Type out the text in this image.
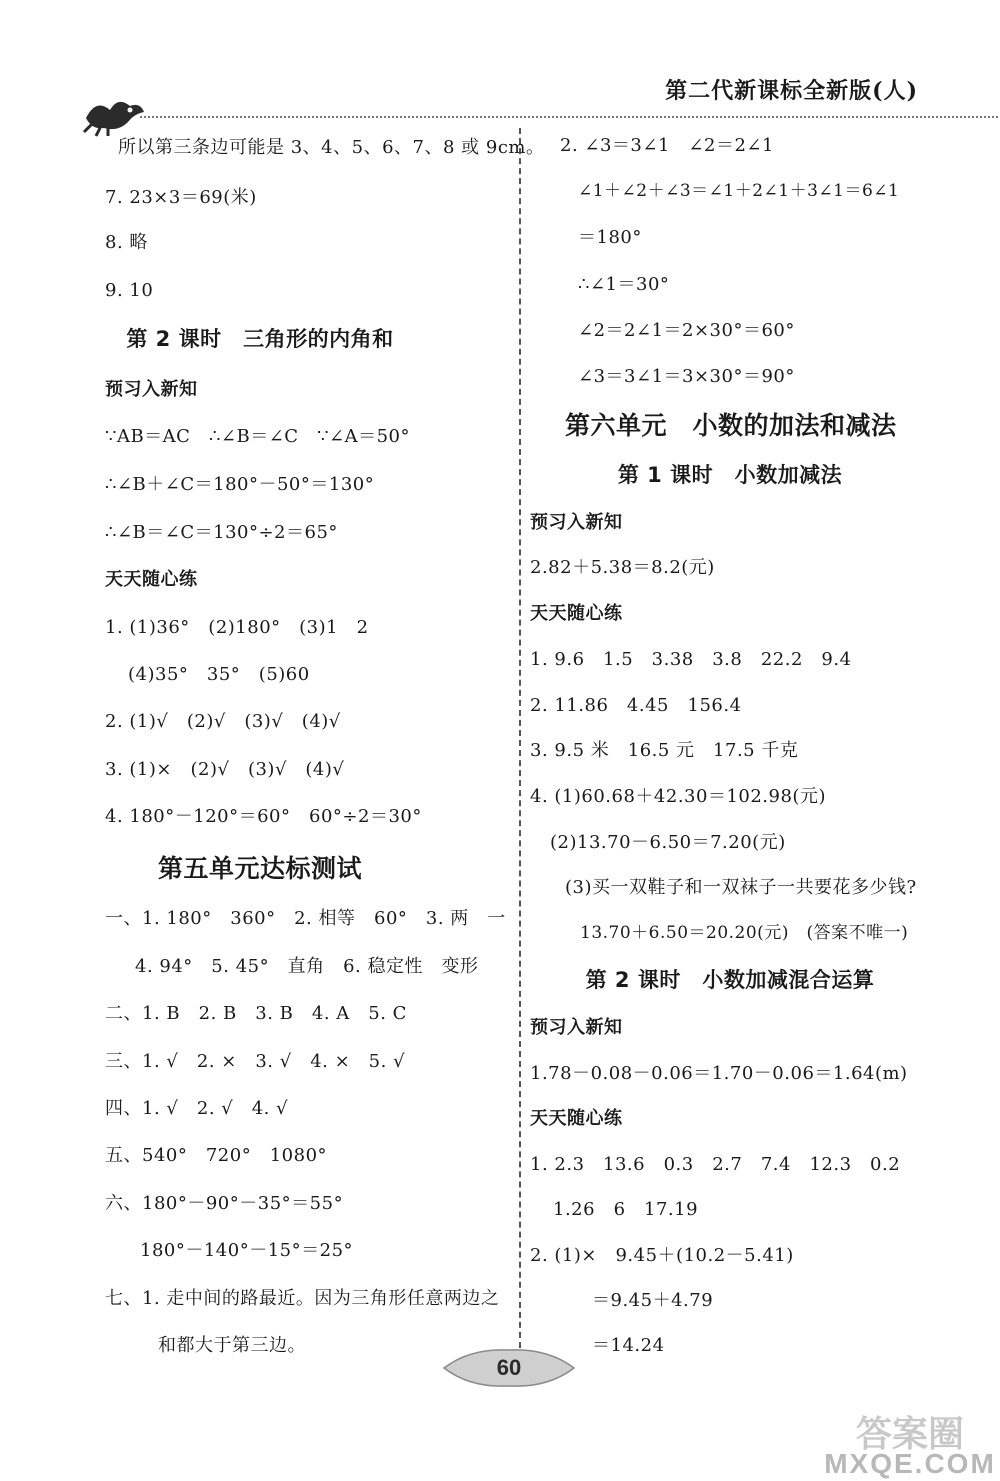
第二代新课标全新版(人)
所以第三条边可能是 3、4、5、6、7、8 或 9cm。
7. 23×3＝69(米)
8. 略
9. 10
第 2 课时　三角形的内角和
预习入新知
∵AB＝AC　∴∠B＝∠C　∵∠A＝50°
∴∠B＋∠C＝180°－50°＝130°
∴∠B＝∠C＝130°÷2＝65°
天天随心练
1. (1)36°　(2)180°　(3)1　2
(4)35°　35°　(5)60
2. (1)√　(2)√　(3)√　(4)√
3. (1)×　(2)√　(3)√　(4)√
4. 180°－120°＝60°　60°÷2＝30°
第五单元达标测试
一、1. 180°　360°　2. 相等　60°　3. 两　一
4. 94°　5. 45°　直角　6. 稳定性　变形
二、1. B　2. B　3. B　4. A　5. C
三、1. √　2. ×　3. √　4. ×　5. √
四、1. √　2. √　4. √
五、540°　720°　1080°
六、180°－90°－35°＝55°
180°－140°－15°＝25°
七、1. 走中间的路最近。因为三角形任意两边之
和都大于第三边。
2. ∠3＝3∠1　∠2＝2∠1
∠1＋∠2＋∠3＝∠1＋2∠1＋3∠1＝6∠1
＝180°
∴∠1＝30°
∠2＝2∠1＝2×30°＝60°
∠3＝3∠1＝3×30°＝90°
第六单元　小数的加法和减法
第 1 课时　小数加减法
预习入新知
2.82＋5.38＝8.2(元)
天天随心练
1. 9.6　1.5　3.38　3.8　22.2　9.4
2. 11.86　4.45　156.4
3. 9.5 米　16.5 元　17.5 千克
4. (1)60.68＋42.30＝102.98(元)
(2)13.70－6.50＝7.20(元)
(3)买一双鞋子和一双袜子一共要花多少钱?
13.70＋6.50＝20.20(元)　(答案不唯一)
第 2 课时　小数加减混合运算
预习入新知
1.78－0.08－0.06＝1.70－0.06＝1.64(m)
天天随心练
1. 2.3　13.6　0.3　2.7　7.4　12.3　0.2
1.26　6　17.19
2. (1)×　9.45＋(10.2－5.41)
＝9.45＋4.79
＝14.24
60
答案圈
MXQE.COM
